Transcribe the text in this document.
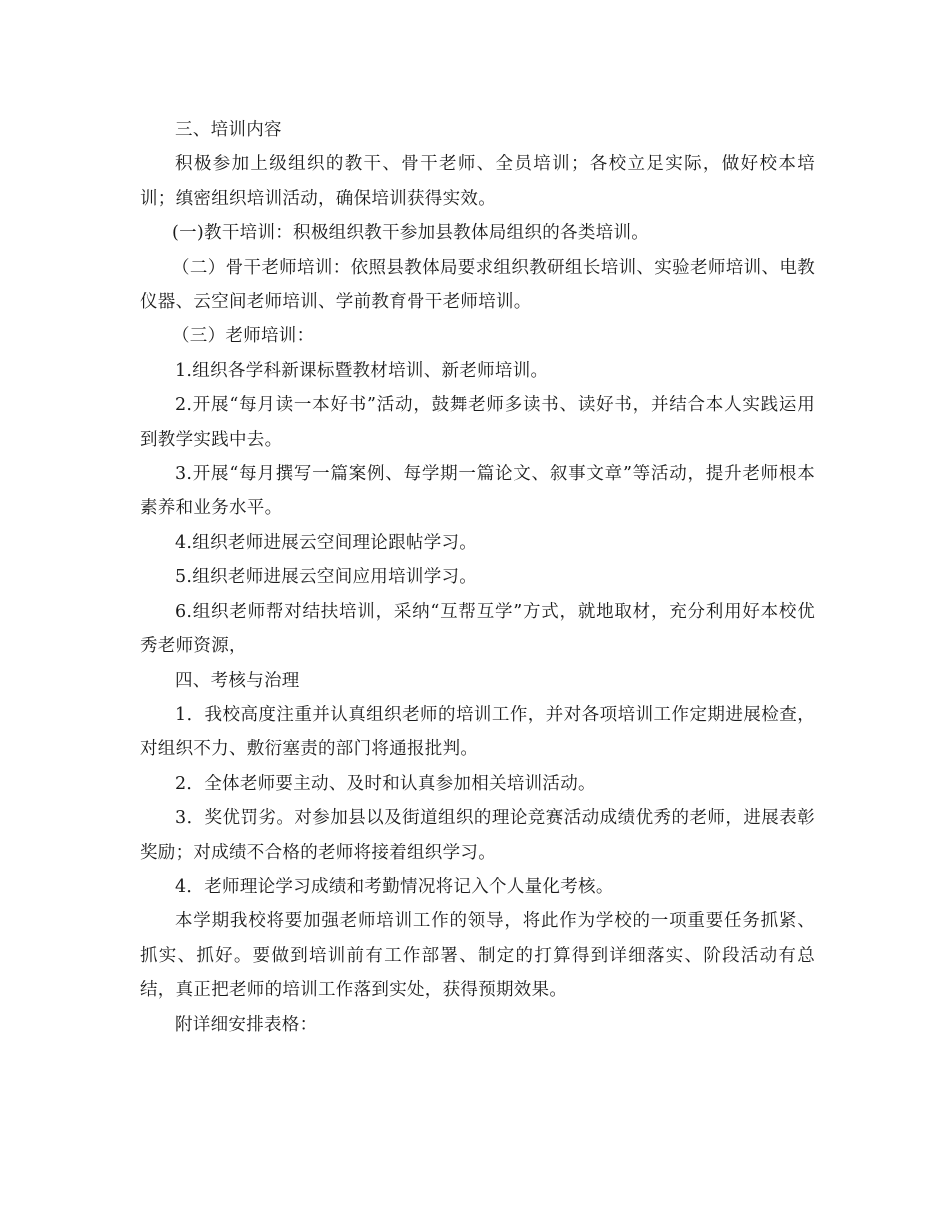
三、培训内容

积极参加上级组织的教干、骨干老师、全员培训；各校立足实际，做好校本培训；缜密组织培训活动，确保培训获得实效。

(一)教干培训：积极组织教干参加县教体局组织的各类培训。

（二）骨干老师培训：依照县教体局要求组织教研组长培训、实验老师培训、电教仪器、云空间老师培训、学前教育骨干老师培训。

（三）老师培训：

1.组织各学科新课标暨教材培训、新老师培训。

2.开展“每月读一本好书”活动，鼓舞老师多读书、读好书，并结合本人实践运用到教学实践中去。

3.开展“每月撰写一篇案例、每学期一篇论文、叙事文章”等活动，提升老师根本素养和业务水平。

4.组织老师进展云空间理论跟帖学习。

5.组织老师进展云空间应用培训学习。

6.组织老师帮对结扶培训，采纳“互帮互学”方式，就地取材，充分利用好本校优秀老师资源，

四、考核与治理

1．我校高度注重并认真组织老师的培训工作，并对各项培训工作定期进展检查，对组织不力、敷衍塞责的部门将通报批判。

2．全体老师要主动、及时和认真参加相关培训活动。

3．奖优罚劣。对参加县以及街道组织的理论竞赛活动成绩优秀的老师，进展表彰奖励；对成绩不合格的老师将接着组织学习。

4．老师理论学习成绩和考勤情况将记入个人量化考核。

本学期我校将要加强老师培训工作的领导，将此作为学校的一项重要任务抓紧、抓实、抓好。要做到培训前有工作部署、制定的打算得到详细落实、阶段活动有总结，真正把老师的培训工作落到实处，获得预期效果。

附详细安排表格：
